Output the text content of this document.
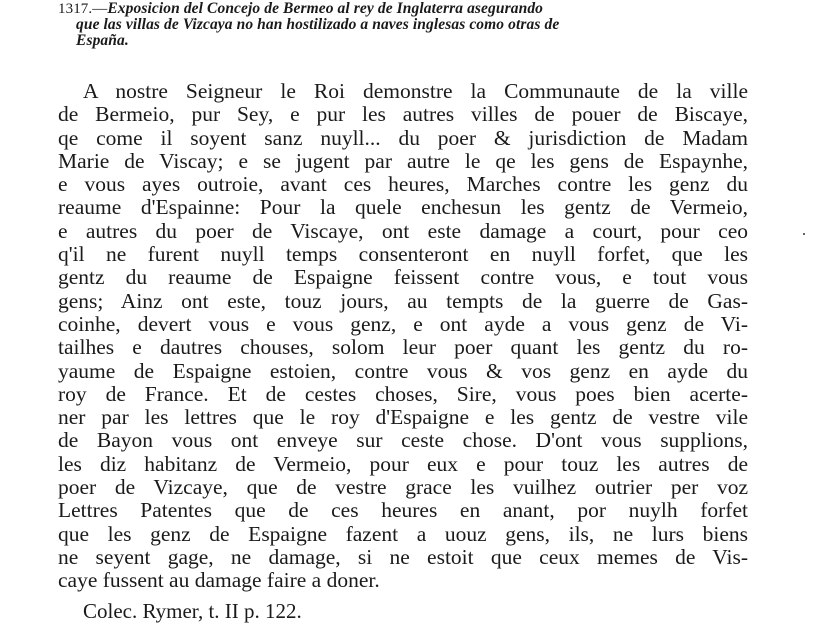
1317.—Exposicion del Concejo de Bermeo al rey de Inglaterra asegurando
que las villas de Vizcaya no han hostilizado a naves inglesas como otras de
España.
A nostre Seigneur le Roi demonstre la Communaute de la ville
de Bermeio, pur Sey, e pur les autres villes de pouer de Biscaye,
qe come il soyent sanz nuyll... du poer & jurisdiction de Madam
Marie de Viscay; e se jugent par autre le qe les gens de Espaynhe,
e vous ayes outroie, avant ces heures, Marches contre les genz du
reaume d'Espainne: Pour la quele enchesun les gentz de Vermeio,
e autres du poer de Viscaye, ont este damage a court, pour ceo
q'il ne furent nuyll temps consenteront en nuyll forfet, que les
gentz du reaume de Espaigne feissent contre vous, e tout vous
gens; Ainz ont este, touz jours, au tempts de la guerre de Gas-
coinhe, devert vous e vous genz, e ont ayde a vous genz de Vi-
tailhes e dautres chouses, solom leur poer quant les gentz du ro-
yaume de Espaigne estoien, contre vous & vos genz en ayde du
roy de France. Et de cestes choses, Sire, vous poes bien acerte-
ner par les lettres que le roy d'Espaigne e les gentz de vestre vile
de Bayon vous ont enveye sur ceste chose. D'ont vous supplions,
les diz habitanz de Vermeio, pour eux e pour touz les autres de
poer de Vizcaye, que de vestre grace les vuilhez outrier per voz
Lettres Patentes que de ces heures en anant, por nuylh forfet
que les genz de Espaigne fazent a uouz gens, ils, ne lurs biens
ne seyent gage, ne damage, si ne estoit que ceux memes de Vis-
caye fussent au damage faire a doner.
Colec. Rymer, t. II p. 122.
